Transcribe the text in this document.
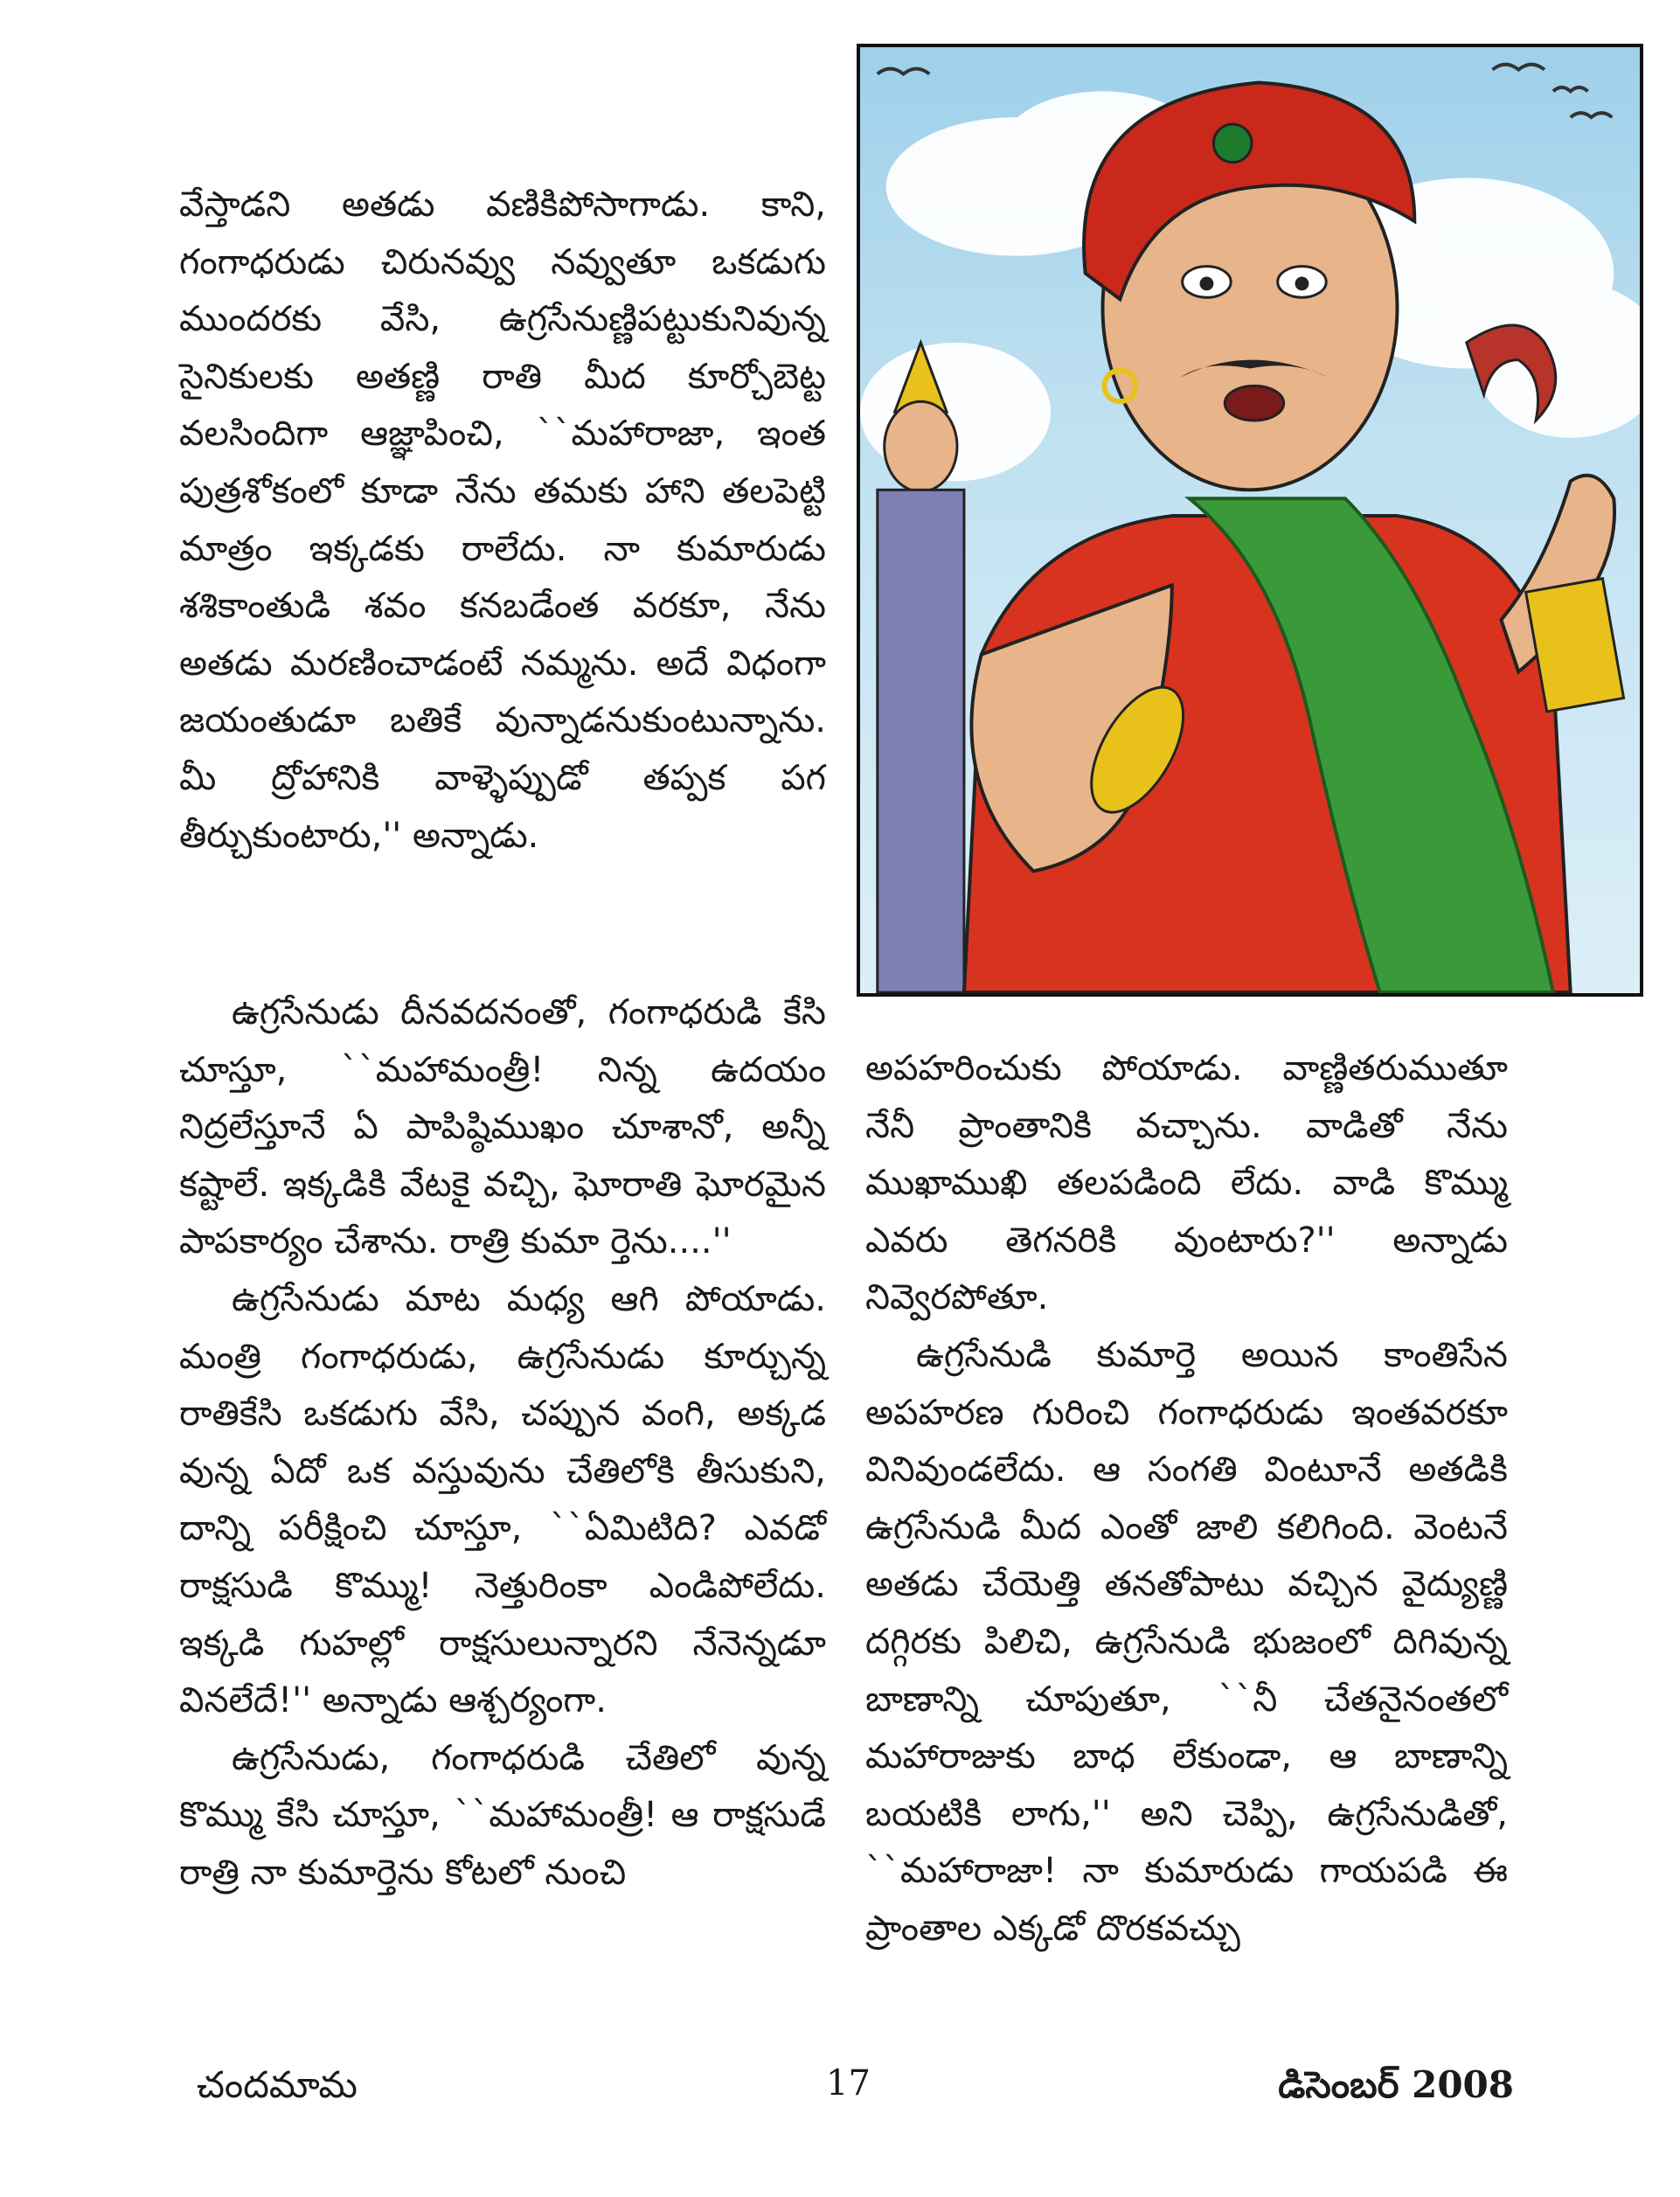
వేస్తాడని అతడు వణికిపోసాగాడు. కాని, గంగాధరుడు చిరునవ్వు నవ్వుతూ ఒకడుగు ముందరకు వేసి, ఉగ్రసేనుణ్ణిపట్టుకునివున్న సైనికులకు అతణ్ణి రాతి మీద కూర్చోబెట్ట వలసిందిగా ఆజ్ఞాపించి, ``మహారాజా, ఇంత పుత్రశోకంలో కూడా నేను తమకు హాని తలపెట్టి మాత్రం ఇక్కడకు రాలేదు. నా కుమారుడు శశికాంతుడి శవం కనబడేంత వరకూ, నేను అతడు మరణించాడంటే నమ్మను. అదే విధంగా జయంతుడూ బతికే వున్నాడనుకుంటున్నాను. మీ ద్రోహానికి వాళ్ళెప్పుడో తప్పక పగ తీర్చుకుంటారు,'' అన్నాడు.

ఉగ్రసేనుడు దీనవదనంతో, గంగాధరుడి కేసి చూస్తూ, ``మహామంత్రీ! నిన్న ఉదయం నిద్రలేస్తూనే ఏ పాపిష్ఠిముఖం చూశానో, అన్నీ కష్టాలే. ఇక్కడికి వేటకై వచ్చి, ఘోరాతి ఘోరమైన పాపకార్యం చేశాను. రాత్రి కుమా ర్తెను....''

ఉగ్రసేనుడు మాట మధ్య ఆగి పోయాడు. మంత్రి గంగాధరుడు, ఉగ్రసేనుడు కూర్చున్న రాతికేసి ఒకడుగు వేసి, చప్పున వంగి, అక్కడ వున్న ఏదో ఒక వస్తువును చేతిలోకి తీసుకుని, దాన్ని పరీక్షించి చూస్తూ, ``ఏమిటిది? ఎవడో రాక్షసుడి కొమ్ము! నెత్తురింకా ఎండిపోలేదు. ఇక్కడి గుహల్లో రాక్షసులున్నారని నేనెన్నడూ వినలేదే!'' అన్నాడు ఆశ్చర్యంగా.

ఉగ్రసేనుడు, గంగాధరుడి చేతిలో వున్న కొమ్ము కేసి చూస్తూ, ``మహామంత్రీ! ఆ రాక్షసుడే రాత్రి నా కుమార్తెను కోటలో నుంచి

అపహరించుకు పోయాడు. వాణ్ణితరుముతూ నేనీ ప్రాంతానికి వచ్చాను. వాడితో నేను ముఖాముఖి తలపడింది లేదు. వాడి కొమ్ము ఎవరు తెగనరికి వుంటారు?'' అన్నాడు నివ్వెరపోతూ.

ఉగ్రసేనుడి కుమార్తె అయిన కాంతిసేన అపహరణ గురించి గంగాధరుడు ఇంతవరకూ వినివుండలేదు. ఆ సంగతి వింటూనే అతడికి ఉగ్రసేనుడి మీద ఎంతో జాలి కలిగింది. వెంటనే అతడు చేయెత్తి తనతోపాటు వచ్చిన వైద్యుణ్ణి దగ్గిరకు పిలిచి, ఉగ్రసేనుడి భుజంలో దిగివున్న బాణాన్ని చూపుతూ, ``నీ చేతనైనంతలో మహారాజుకు బాధ లేకుండా, ఆ బాణాన్ని బయటికి లాగు,'' అని చెప్పి, ఉగ్రసేనుడితో, ``మహారాజా! నా కుమారుడు గాయపడి ఈ ప్రాంతాల ఎక్కడో దొరకవచ్చు

చందమామ	17	డిసెంబర్ 2008
